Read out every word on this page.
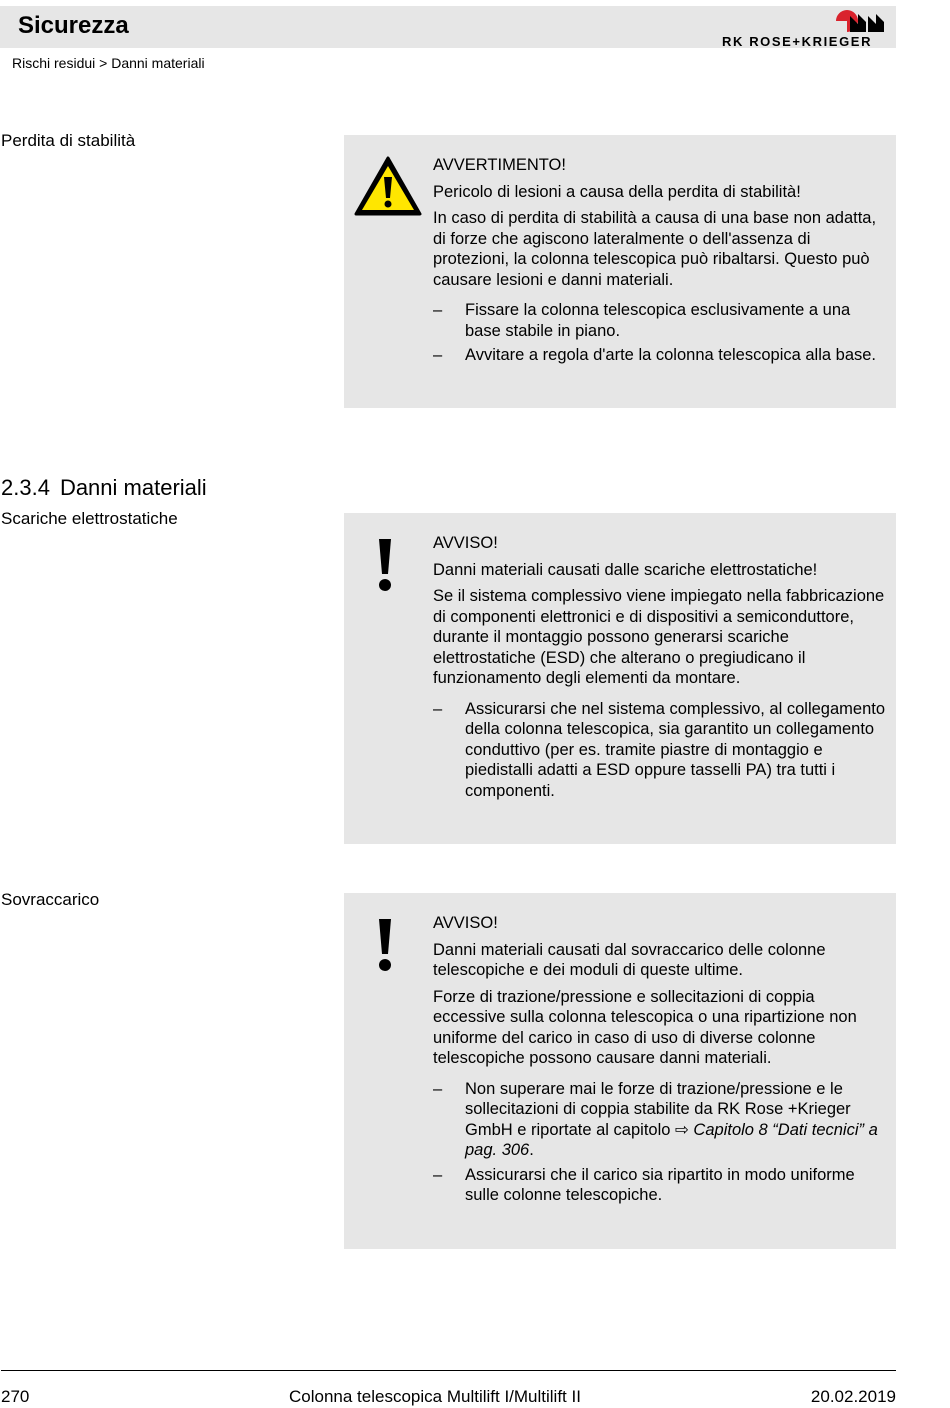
Sicurezza
Rischi residui > Danni materiali
RK ROSE+KRIEGER
Perdita di stabilità

AVVERTIMENTO!

Pericolo di lesioni a causa della perdita di stabilità!

In caso di perdita di stabilità a causa di una base non adatta, di forze che agiscono lateralmente o dell'assenza di protezioni, la colonna telescopica può ribaltarsi. Questo può causare lesioni e danni materiali.

– Fissare la colonna telescopica esclusivamente a una base stabile in piano.
– Avvitare a regola d'arte la colonna telescopica alla base.
2.3.4 Danni materiali
Scariche elettrostatiche

AVVISO!

Danni materiali causati dalle scariche elettrostatiche!

Se il sistema complessivo viene impiegato nella fabbricazione di componenti elettronici e di dispositivi a semiconduttore, durante il montaggio possono generarsi scariche elettrostatiche (ESD) che alterano o pregiudicano il funzionamento degli elementi da montare.

– Assicurarsi che nel sistema complessivo, al collegamento della colonna telescopica, sia garantito un collegamento conduttivo (per es. tramite piastre di montaggio e piedistalli adatti a ESD oppure tasselli PA) tra tutti i componenti.
Sovraccarico

AVVISO!

Danni materiali causati dal sovraccarico delle colonne telescopiche e dei moduli di queste ultime.

Forze di trazione/pressione e sollecitazioni di coppia eccessive sulla colonna telescopica o una ripartizione non uniforme del carico in caso di uso di diverse colonne telescopiche possono causare danni materiali.

– Non superare mai le forze di trazione/pressione e le sollecitazioni di coppia stabilite da RK Rose +Krieger GmbH e riportate al capitolo ⇨ Capitolo 8 “Dati tecnici” a pag. 306.
– Assicurarsi che il carico sia ripartito in modo uniforme sulle colonne telescopiche.
270	Colonna telescopica Multilift I/Multilift II	20.02.2019
